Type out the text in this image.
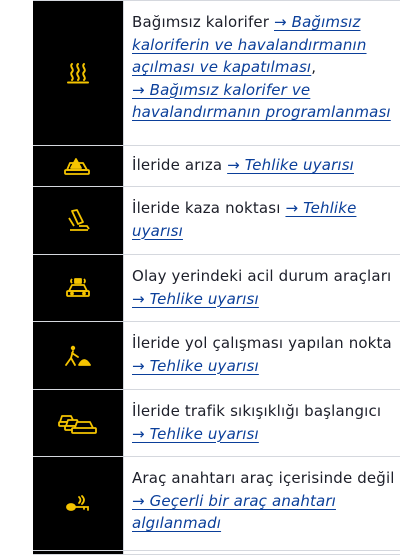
Bağımsız kalorifer → Bağımsız
kaloriferin ve havalandırmanın
açılması ve kapatılması,
→ Bağımsız kalorifer ve
havalandırmanın programlanması
İleride arıza → Tehlike uyarısı
İleride kaza noktası → Tehlike
uyarısı
Olay yerindeki acil durum araçları
→ Tehlike uyarısı
İleride yol çalışması yapılan nokta
→ Tehlike uyarısı
İleride trafik sıkışıklığı başlangıcı
→ Tehlike uyarısı
Araç anahtarı araç içerisinde değil
→ Geçerli bir araç anahtarı
algılanmadı
